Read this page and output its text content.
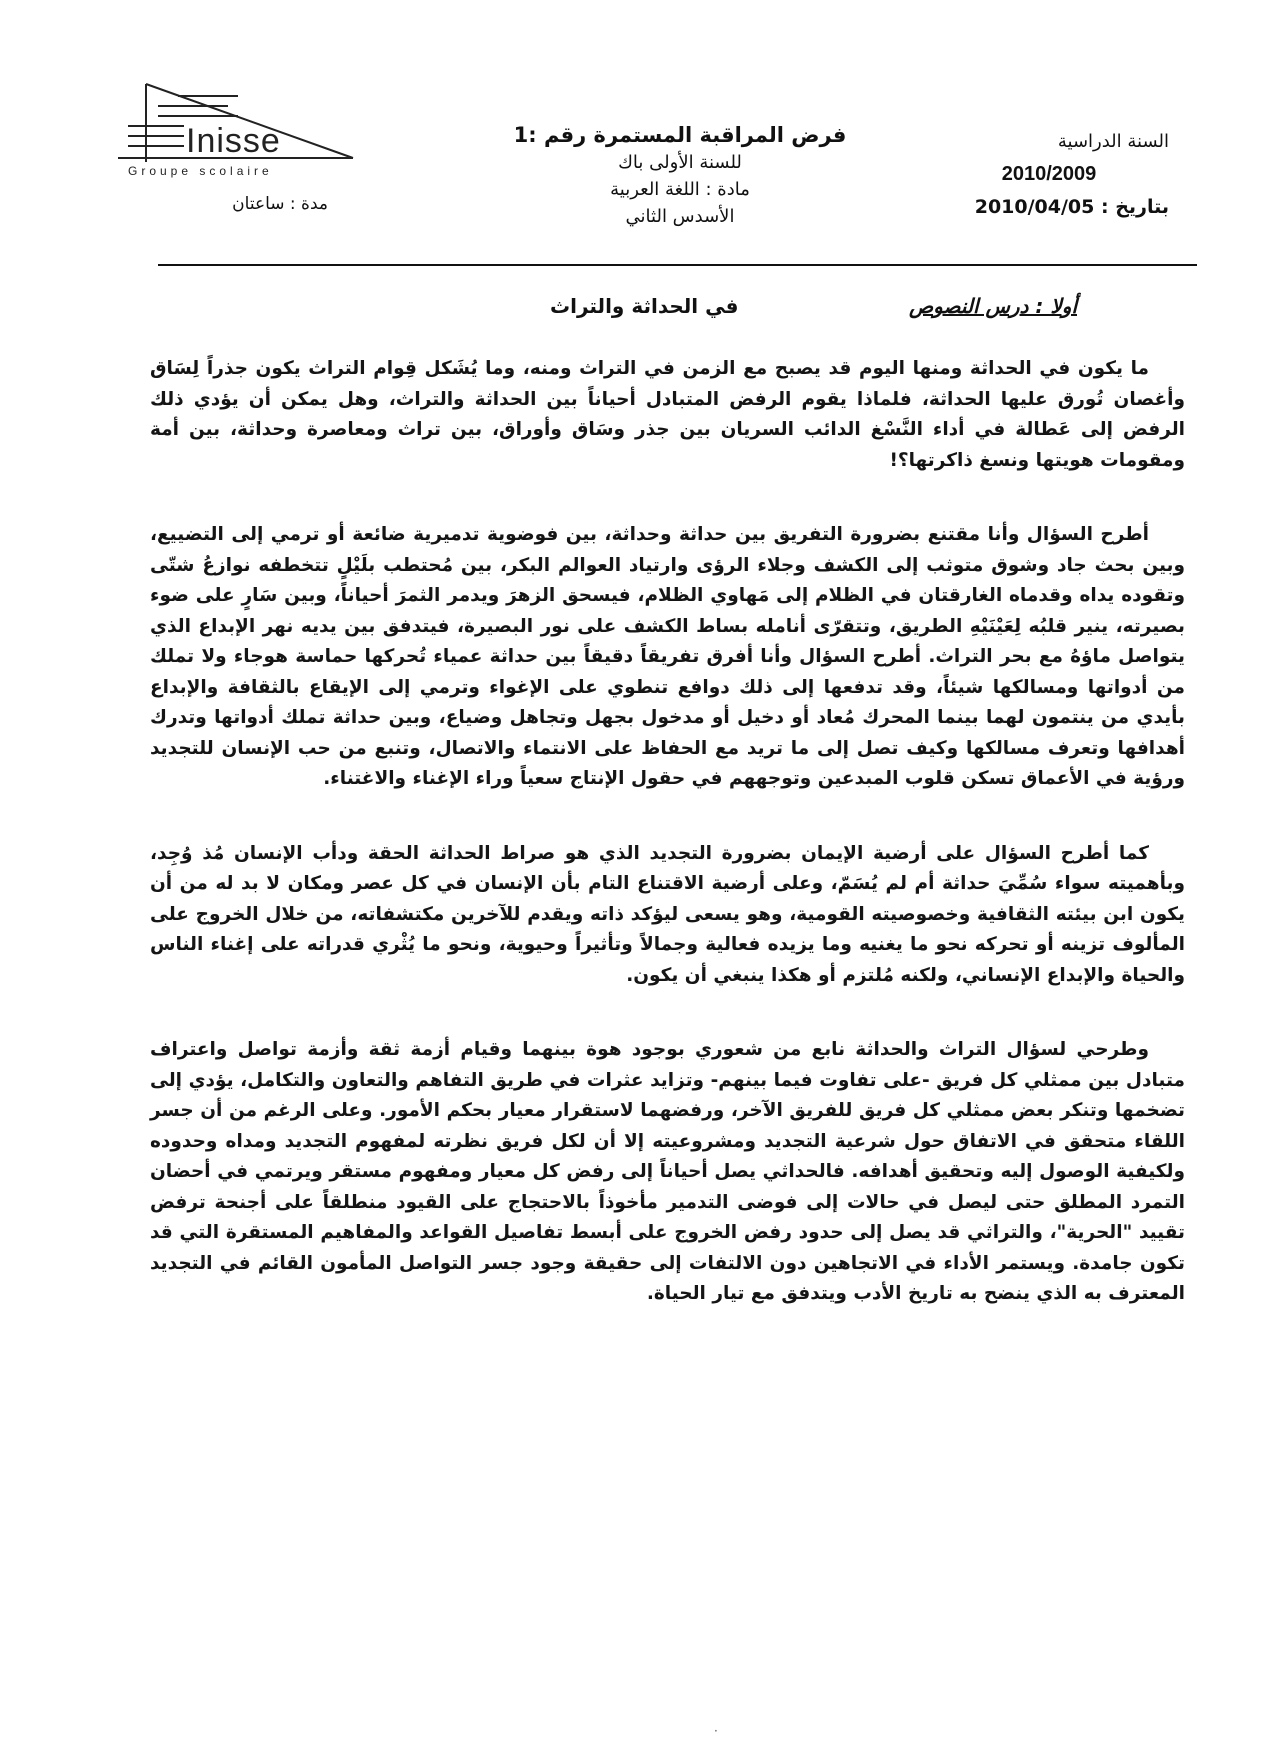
Inisse
Groupe scolaire
مدة : ساعتان
فرض المراقبة المستمرة رقم :1
للسنة الأولى باك
مادة : اللغة العربية
الأسدس الثاني
السنة الدراسية
2010/2009
بتاريخ : 2010/04/05
أولا : درس النصوص
في الحداثة والتراث

ما يكون في الحداثة ومنها اليوم قد يصبح مع الزمن في التراث ومنه، وما يُشَكل قِوام التراث يكون جذراً لِسَاق وأغصان تُورق عليها الحداثة، فلماذا يقوم الرفض المتبادل أحياناً بين الحداثة والتراث، وهل يمكن أن يؤدي ذلك الرفض إلى عَطالة في أداء النَّسْغ الدائب السريان بين جذر وسَاق وأوراق، بين تراث ومعاصرة وحداثة، بين أمة ومقومات هويتها ونسغ ذاكرتها؟!

أطرح السؤال وأنا مقتنع بضرورة التفريق بين حداثة وحداثة، بين فوضوية تدميرية ضائعة أو ترمي إلى التضييع، وبين بحث جاد وشوق متوثب إلى الكشف وجلاء الرؤى وارتياد العوالم البكر، بين مُحتطب بلَيْلٍ تتخطفه نوازعُ شتّى وتقوده يداه وقدماه الغارقتان في الظلام إلى مَهاوي الظلام، فيسحق الزهرَ ويدمر الثمرَ أحياناً، وبين سَارٍ على ضوء بصيرته، ينير قلبُه لِعَيْنَيْهِ الطريق، وتتقرّى أنامله بساط الكشف على نور البصيرة، فيتدفق بين يديه نهر الإبداع الذي يتواصل ماؤهُ مع بحر التراث. أطرح السؤال وأنا أفرق تفريقاً دقيقاً بين حداثة عمياء تُحركها حماسة هوجاء ولا تملك من أدواتها ومسالكها شيئاً، وقد تدفعها إلى ذلك دوافع تنطوي على الإغواء وترمي إلى الإيقاع بالثقافة والإبداع بأيدي من ينتمون لهما بينما المحرك مُعاد أو دخيل أو مدخول بجهل وتجاهل وضياع، وبين حداثة تملك أدواتها وتدرك أهدافها وتعرف مسالكها وكيف تصل إلى ما تريد مع الحفاظ على الانتماء والاتصال، وتنبع من حب الإنسان للتجديد ورؤية في الأعماق تسكن قلوب المبدعين وتوجههم في حقول الإنتاج سعياً وراء الإغناء والاغتناء.

كما أطرح السؤال على أرضية الإيمان بضرورة التجديد الذي هو صراط الحداثة الحقة ودأب الإنسان مُذ وُجِد، وبأهميته سواء سُمِّيَ حداثة أم لم يُسَمّ، وعلى أرضية الاقتناع التام بأن الإنسان في كل عصر ومكان لا بد له من أن يكون ابن بيئته الثقافية وخصوصيته القومية، وهو يسعى ليؤكد ذاته ويقدم للآخرين مكتشفاته، من خلال الخروج على المألوف تزينه أو تحركه نحو ما يغنيه وما يزيده فعالية وجمالاً وتأثيراً وحيوية، ونحو ما يُثْري قدراته على إغناء الناس والحياة والإبداع الإنساني، ولكنه مُلتزم أو هكذا ينبغي أن يكون.

وطرحي لسؤال التراث والحداثة نابع من شعوري بوجود هوة بينهما وقيام أزمة ثقة وأزمة تواصل واعتراف متبادل بين ممثلي كل فريق -على تفاوت فيما بينهم- وتزايد عثرات في طريق التفاهم والتعاون والتكامل، يؤدي إلى تضخمها وتنكر بعض ممثلي كل فريق للفريق الآخر، ورفضهما لاستقرار معيار بحكم الأمور. وعلى الرغم من أن جسر اللقاء متحقق في الاتفاق حول شرعية التجديد ومشروعيته إلا أن لكل فريق نظرته لمفهوم التجديد ومداه وحدوده ولكيفية الوصول إليه وتحقيق أهدافه. فالحداثي يصل أحياناً إلى رفض كل معيار ومفهوم مستقر ويرتمي في أحضان التمرد المطلق حتى ليصل في حالات إلى فوضى التدمير مأخوذاً بالاحتجاج على القيود منطلقاً على أجنحة ترفض تقييد "الحرية"، والتراثي قد يصل إلى حدود رفض الخروج على أبسط تفاصيل القواعد والمفاهيم المستقرة التي قد تكون جامدة. ويستمر الأداء في الاتجاهين دون الالتفات إلى حقيقة وجود جسر التواصل المأمون القائم في التجديد المعترف به الذي ينضح به تاريخ الأدب ويتدفق مع تيار الحياة.

·
